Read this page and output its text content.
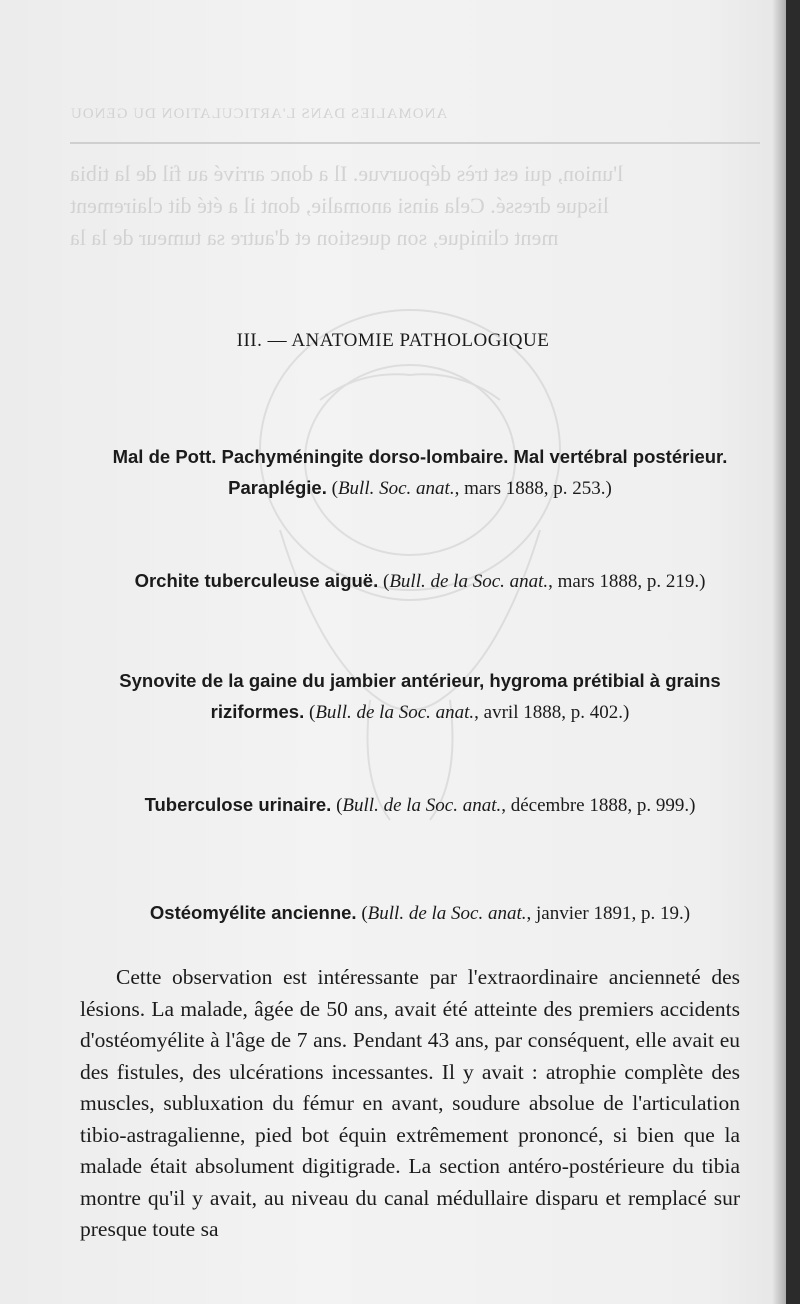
ANOMALIES DANS L'ARTICULATION DU GENOU
l'union, qui est très dépourvue. Il a donc arrivé au fil de la tibia
lisque dressé. Cela ainsi anomalie, dont il a été dit clairement
ment clinique, son question et d'autre sa tumeur de la la
III. — ANATOMIE PATHOLOGIQUE
Mal de Pott. Pachyméningite dorso-lombaire. Mal vertébral postérieur. Paraplégie. (Bull. Soc. anat., mars 1888, p. 253.)
Orchite tuberculeuse aiguë. (Bull. de la Soc. anat., mars 1888, p. 219.)
Synovite de la gaine du jambier antérieur, hygroma prétibial à grains riziformes. (Bull. de la Soc. anat., avril 1888, p. 402.)
Tuberculose urinaire. (Bull. de la Soc. anat., décembre 1888, p. 999.)
Ostéomyélite ancienne. (Bull. de la Soc. anat., janvier 1891, p. 19.)

Cette observation est intéressante par l'extraordinaire ancienneté des lésions. La malade, âgée de 50 ans, avait été atteinte des premiers accidents d'ostéomyélite à l'âge de 7 ans. Pendant 43 ans, par conséquent, elle avait eu des fistules, des ulcérations incessantes. Il y avait : atrophie complète des muscles, subluxation du fémur en avant, soudure absolue de l'articulation tibio-astragalienne, pied bot équin extrêmement prononcé, si bien que la malade était absolument digitigrade. La section antéro-postérieure du tibia montre qu'il y avait, au niveau du canal médullaire disparu et remplacé sur presque toute sa
